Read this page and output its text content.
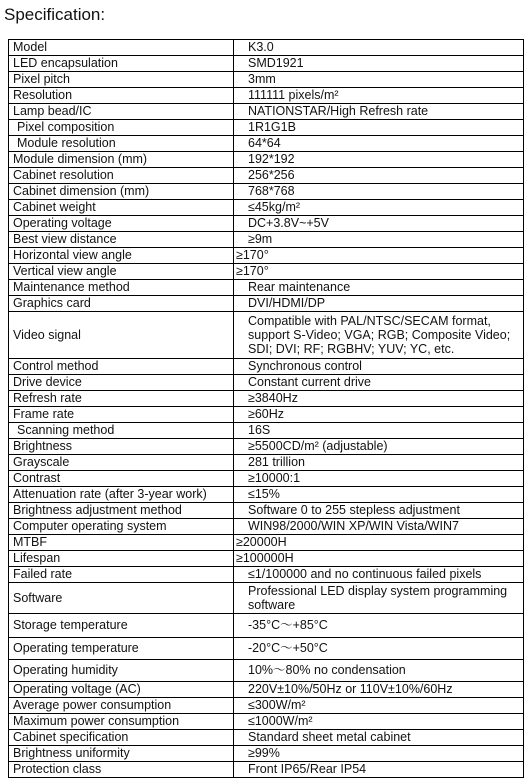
Specification:
Model	K3.0
LED encapsulation	SMD1921
Pixel pitch	3mm
Resolution	111111 pixels/m²
Lamp bead/IC	NATIONSTAR/High Refresh rate
Pixel composition	1R1G1B
Module resolution	64*64
Module dimension (mm)	192*192
Cabinet resolution	256*256
Cabinet dimension (mm)	768*768
Cabinet weight	≤45kg/m²
Operating voltage	DC+3.8V~+5V
Best view distance	≥9m
Horizontal view angle	≥170°
Vertical view angle	≥170°
Maintenance method	Rear maintenance
Graphics card	DVI/HDMI/DP
Video signal	Compatible with PAL/NTSC/SECAM format, support S-Video; VGA; RGB; Composite Video; SDI; DVI; RF; RGBHV; YUV; YC, etc.
Control method	Synchronous control
Drive device	Constant current drive
Refresh rate	≥3840Hz
Frame rate	≥60Hz
Scanning method	16S
Brightness	≥5500CD/m² (adjustable)
Grayscale	281 trillion
Contrast	≥10000:1
Attenuation rate (after 3-year work)	≤15%
Brightness adjustment method	Software 0 to 255 stepless adjustment
Computer operating system	WIN98/2000/WIN XP/WIN Vista/WIN7
MTBF	≥20000H
Lifespan	≥100000H
Failed rate	≤1/100000 and no continuous failed pixels
Software	Professional LED display system programming software
Storage temperature	-35°C～+85°C
Operating temperature	-20°C～+50°C
Operating humidity	10%～80% no condensation
Operating voltage (AC)	220V±10%/50Hz or 110V±10%/60Hz
Average power consumption	≤300W/m²
Maximum power consumption	≤1000W/m²
Cabinet specification	Standard sheet metal cabinet
Brightness uniformity	≥99%
Protection class	Front IP65/Rear IP54
